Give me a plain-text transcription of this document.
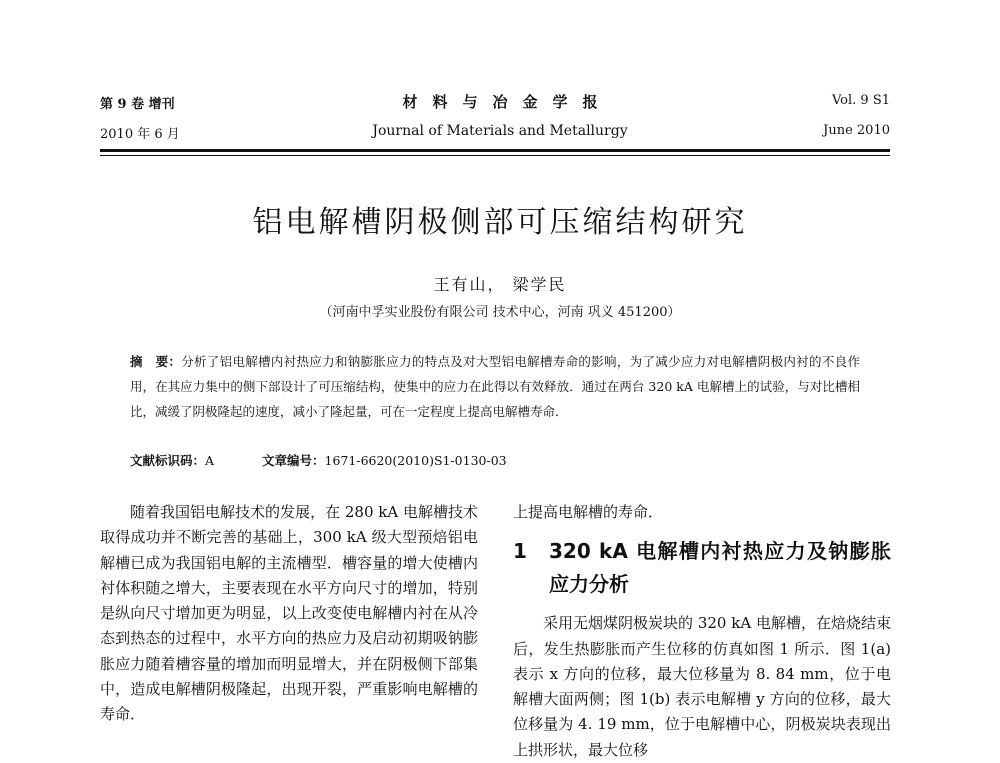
第 9 卷 增刊
2010 年 6 月
材　料　与　冶　金　学　报
Journal of Materials and Metallurgy
Vol. 9 S1
June 2010
铝电解槽阴极侧部可压缩结构研究
王有山， 梁学民
（河南中孚实业股份有限公司 技术中心，河南 巩义 451200）
摘　要：分析了铝电解槽内衬热应力和钠膨胀应力的特点及对大型铝电解槽寿命的影响，为了减少应力对电解槽阴极内衬的不良作用，在其应力集中的侧下部设计了可压缩结构，使集中的应力在此得以有效释放．通过在两台 320 kA 电解槽上的试验，与对比槽相比，减缓了阴极隆起的速度，减小了隆起量，可在一定程度上提高电解槽寿命．
文献标识码：A	文章编号：1671-6620(2010)S1-0130-03
随着我国铝电解技术的发展，在 280 kA 电解槽技术取得成功并不断完善的基础上，300 kA 级大型预焙铝电解槽已成为我国铝电解的主流槽型．槽容量的增大使槽内衬体积随之增大，主要表现在水平方向尺寸的增加，特别是纵向尺寸增加更为明显，以上改变使电解槽内衬在从冷态到热态的过程中，水平方向的热应力及启动初期吸钠膨胀应力随着槽容量的增加而明显增大，并在阴极侧下部集中，造成电解槽阴极隆起，出现开裂，严重影响电解槽的寿命．
上提高电解槽的寿命．
1	320 kA 电解槽内衬热应力及钠膨胀应力分析
采用无烟煤阴极炭块的 320 kA 电解槽，在焙烧结束后，发生热膨胀而产生位移的仿真如图 1 所示．图 1(a) 表示 x 方向的位移，最大位移量为 8. 84 mm，位于电解槽大面两侧；图 1(b) 表示电解槽 y 方向的位移，最大位移量为 4. 19 mm，位于电解槽中心，阴极炭块表现出上拱形状，最大位移
